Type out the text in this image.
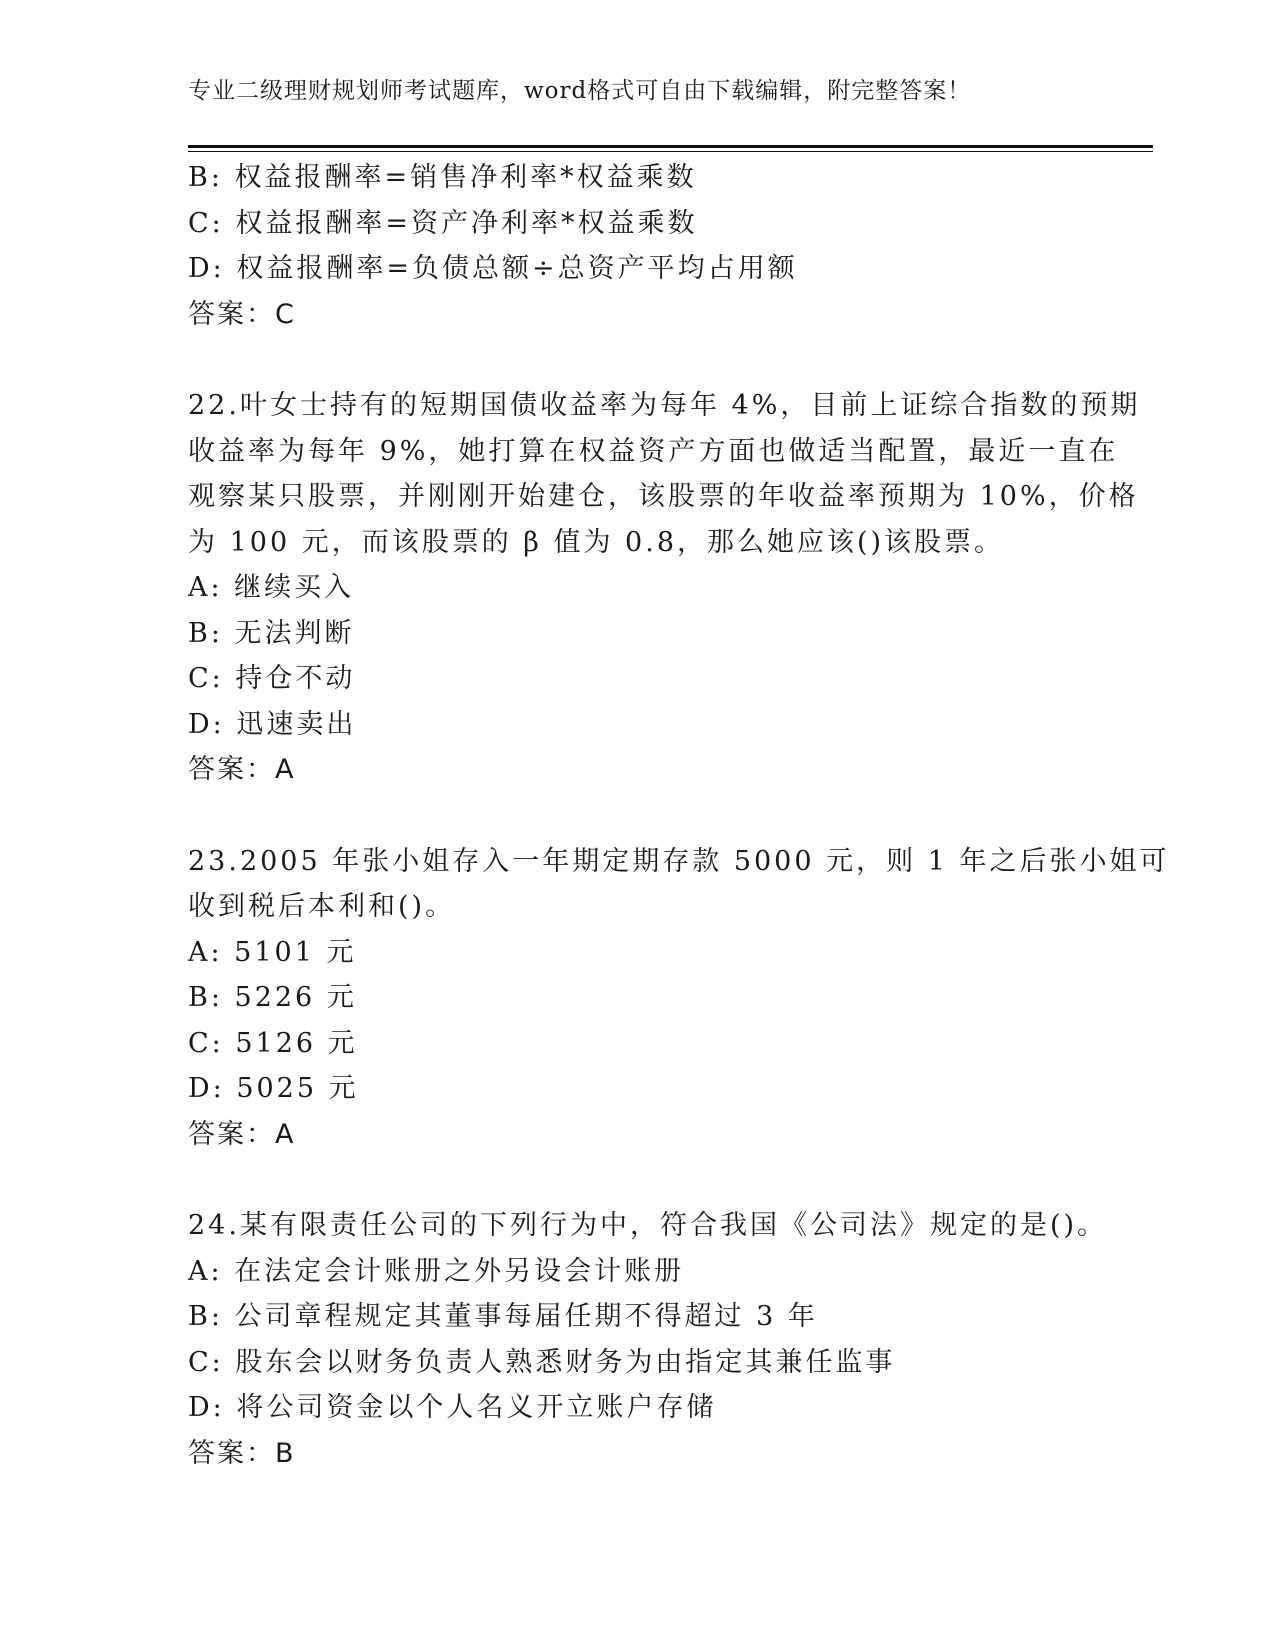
专业二级理财规划师考试题库，word格式可自由下载编辑，附完整答案！
B: 权益报酬率=销售净利率*权益乘数
C: 权益报酬率=资产净利率*权益乘数
D: 权益报酬率=负债总额÷总资产平均占用额
答案：C
22.叶女士持有的短期国债收益率为每年 4%，目前上证综合指数的预期
收益率为每年 9%，她打算在权益资产方面也做适当配置，最近一直在
观察某只股票，并刚刚开始建仓，该股票的年收益率预期为 10%，价格
为 100 元，而该股票的 β 值为 0.8，那么她应该()该股票。
A: 继续买入
B: 无法判断
C: 持仓不动
D: 迅速卖出
答案：A
23.2005 年张小姐存入一年期定期存款 5000 元，则 1 年之后张小姐可
收到税后本利和()。
A: 5101 元
B: 5226 元
C: 5126 元
D: 5025 元
答案：A
24.某有限责任公司的下列行为中，符合我国《公司法》规定的是()。
A: 在法定会计账册之外另设会计账册
B: 公司章程规定其董事每届任期不得超过 3 年
C: 股东会以财务负责人熟悉财务为由指定其兼任监事
D: 将公司资金以个人名义开立账户存储
答案：B
